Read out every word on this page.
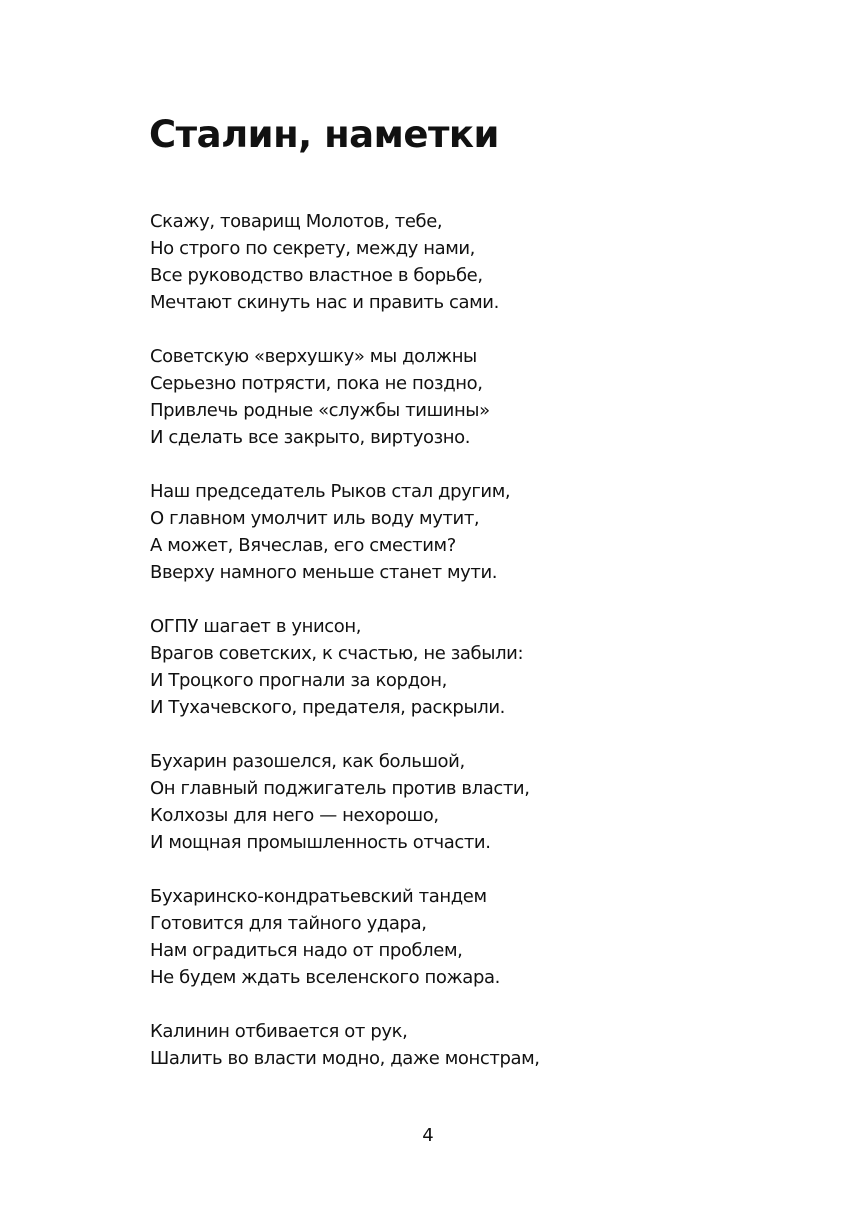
Сталин, наметки
Скажу, товарищ Молотов, тебе,
Но строго по секрету, между нами,
Все руководство властное в борьбе,
Мечтают скинуть нас и править сами.
Советскую «верхушку» мы должны
Серьезно потрясти, пока не поздно,
Привлечь родные «службы тишины»
И сделать все закрыто, виртуозно.
Наш председатель Рыков стал другим,
О главном умолчит иль воду мутит,
А может, Вячеслав, его сместим?
Вверху намного меньше станет мути.
ОГПУ шагает в унисон,
Врагов советских, к счастью, не забыли:
И Троцкого прогнали за кордон,
И Тухачевского, предателя, раскрыли.
Бухарин разошелся, как большой,
Он главный поджигатель против власти,
Колхозы для него — нехорошо,
И мощная промышленность отчасти.
Бухаринско-кондратьевский тандем
Готовится для тайного удара,
Нам оградиться надо от проблем,
Не будем ждать вселенского пожара.
Калинин отбивается от рук,
Шалить во власти модно, даже монстрам,
4
